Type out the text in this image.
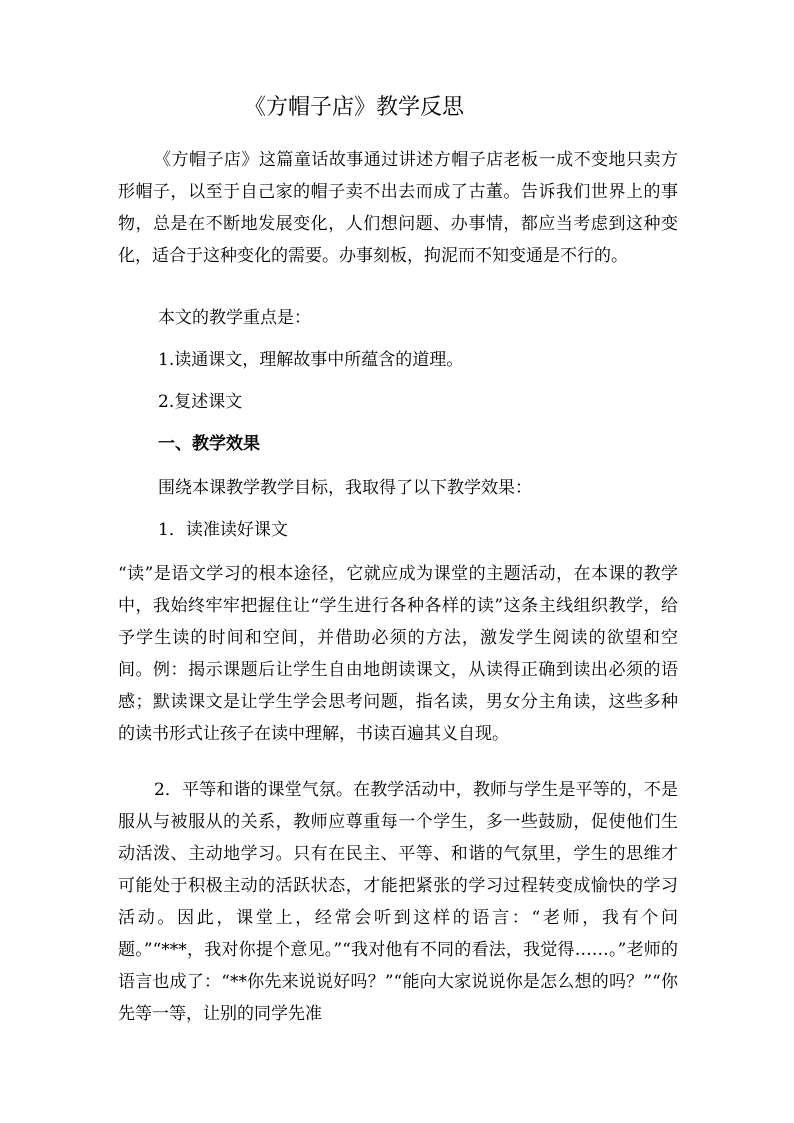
《方帽子店》教学反思

《方帽子店》这篇童话故事通过讲述方帽子店老板一成不变地只卖方形帽子，以至于自己家的帽子卖不出去而成了古董。告诉我们世界上的事物，总是在不断地发展变化，人们想问题、办事情，都应当考虑到这种变化，适合于这种变化的需要。办事刻板，拘泥而不知变通是不行的。

本文的教学重点是：
1.读通课文，理解故事中所蕴含的道理。
2.复述课文
一、教学效果
围绕本课教学教学目标，我取得了以下教学效果：
1．读准读好课文

“读”是语文学习的根本途径，它就应成为课堂的主题活动，在本课的教学中，我始终牢牢把握住让“学生进行各种各样的读”这条主线组织教学，给予学生读的时间和空间，并借助必须的方法，激发学生阅读的欲望和空间。例：揭示课题后让学生自由地朗读课文，从读得正确到读出必须的语感；默读课文是让学生学会思考问题，指名读，男女分主角读，这些多种的读书形式让孩子在读中理解，书读百遍其义自现。

2．平等和谐的课堂气氛。在教学活动中，教师与学生是平等的，不是服从与被服从的关系，教师应尊重每一个学生，多一些鼓励，促使他们生动活泼、主动地学习。只有在民主、平等、和谐的气氛里，学生的思维才可能处于积极主动的活跃状态，才能把紧张的学习过程转变成愉快的学习活动。因此，课堂上，经常会听到这样的语言：“老师，我有个问题。”“***，我对你提个意见。”“我对他有不同的看法，我觉得……。”老师的语言也成了：“**你先来说说好吗？”“能向大家说说你是怎么想的吗？”“你先等一等，让别的同学先准
